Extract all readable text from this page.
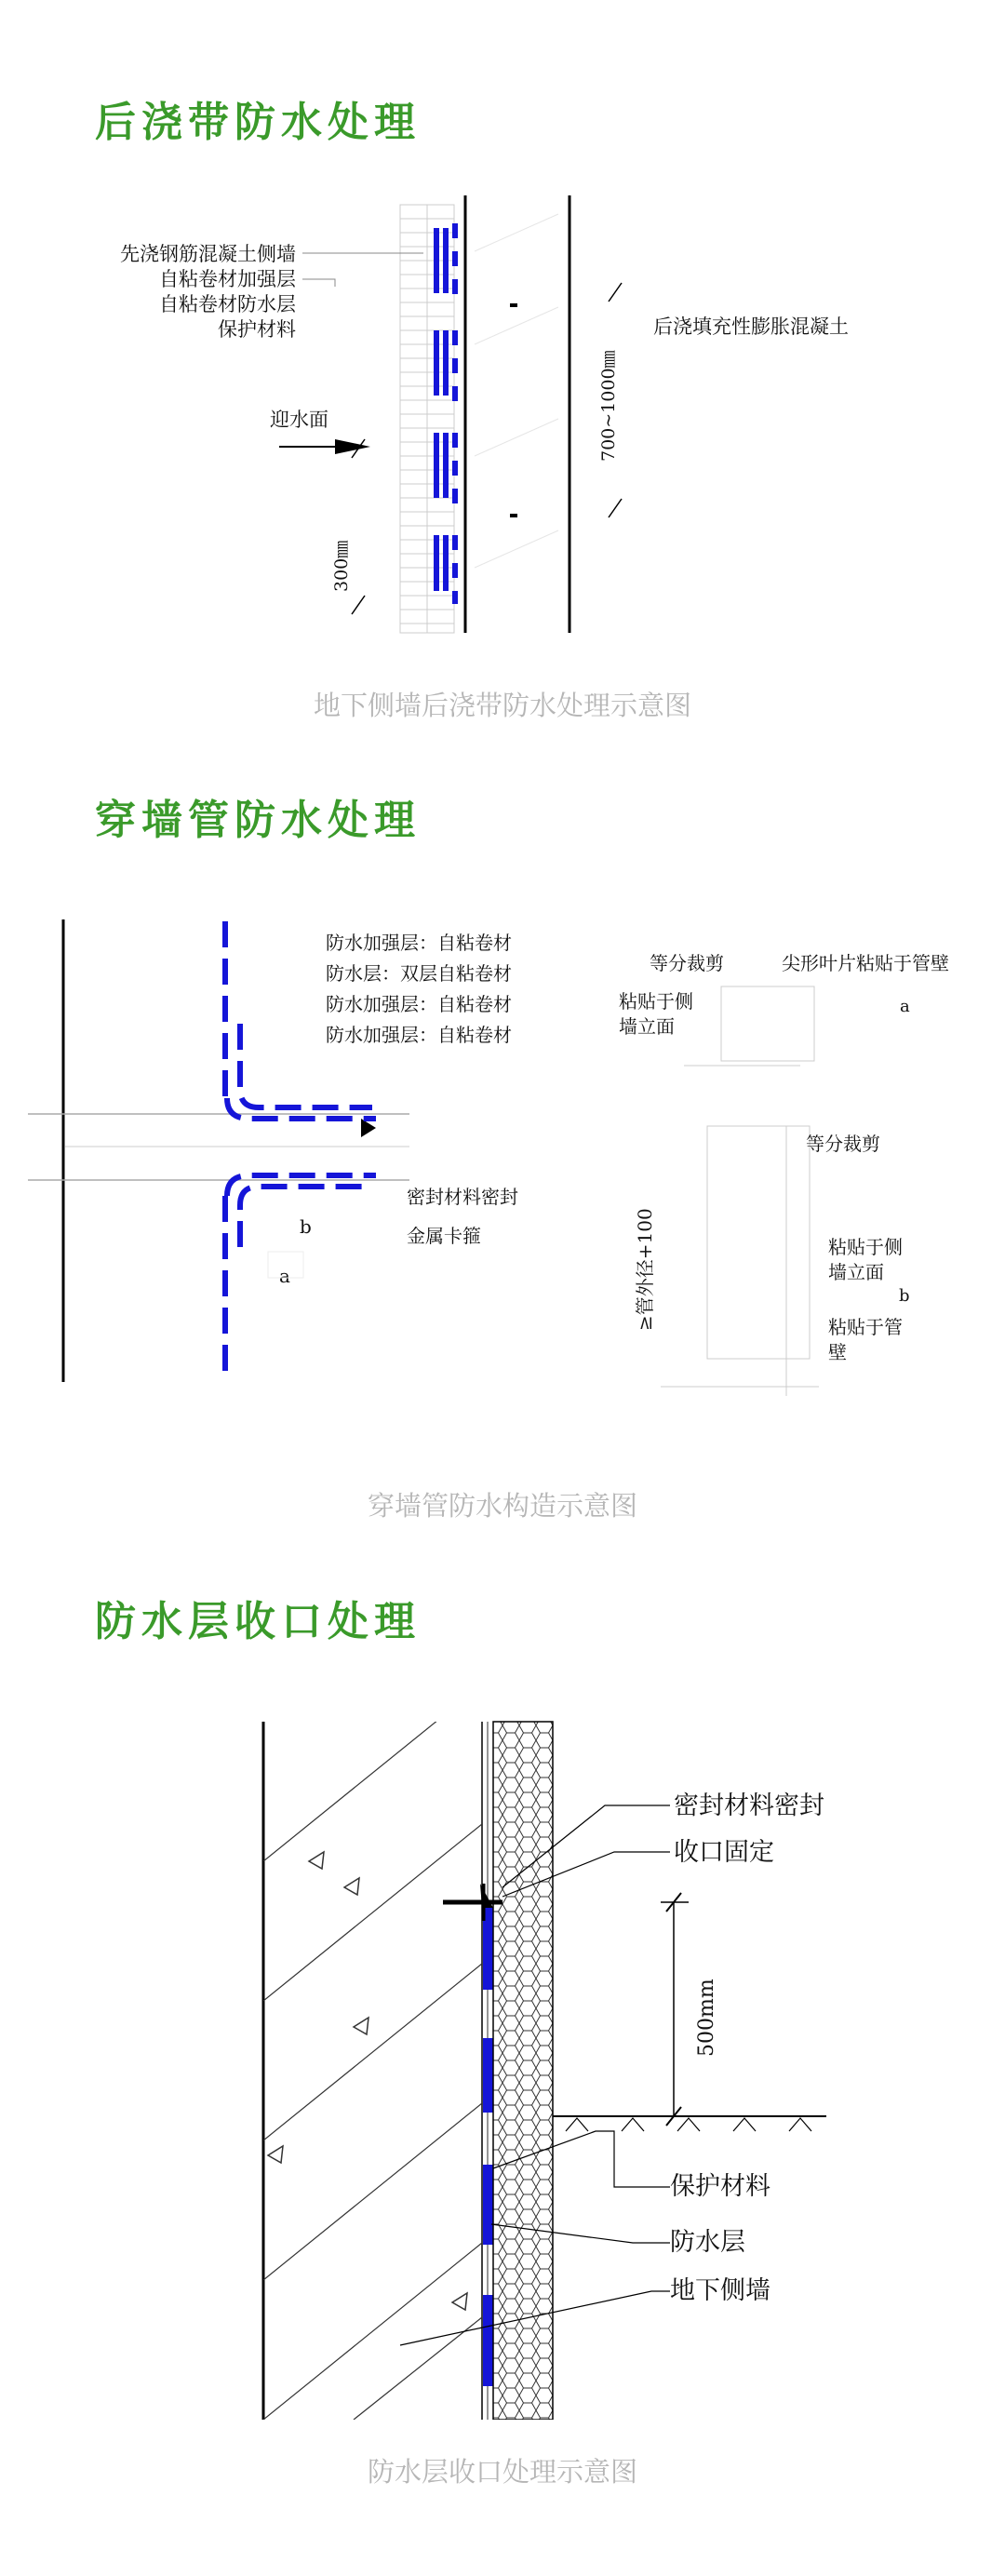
后浇带防水处理
先浇钢筋混凝土侧墙
自粘卷材加强层
自粘卷材防水层
保护材料
迎水面
300㎜
700~1000㎜
后浇填充性膨胀混凝土

地下侧墙后浇带防水处理示意图

穿墙管防水处理
b
a
防水加强层：自粘卷材
防水层：双层自粘卷材
防水加强层：自粘卷材
防水加强层：自粘卷材
密封材料密封
金属卡箍
等分裁剪	尖形叶片粘贴于管壁
粘贴于侧
墙立面
a
等分裁剪
≥管外径+100	粘贴于侧
墙立面
b
粘贴于管
壁

穿墙管防水构造示意图

防水层收口处理
500mm
密封材料密封
收口固定
保护材料
防水层
地下侧墙

防水层收口处理示意图
